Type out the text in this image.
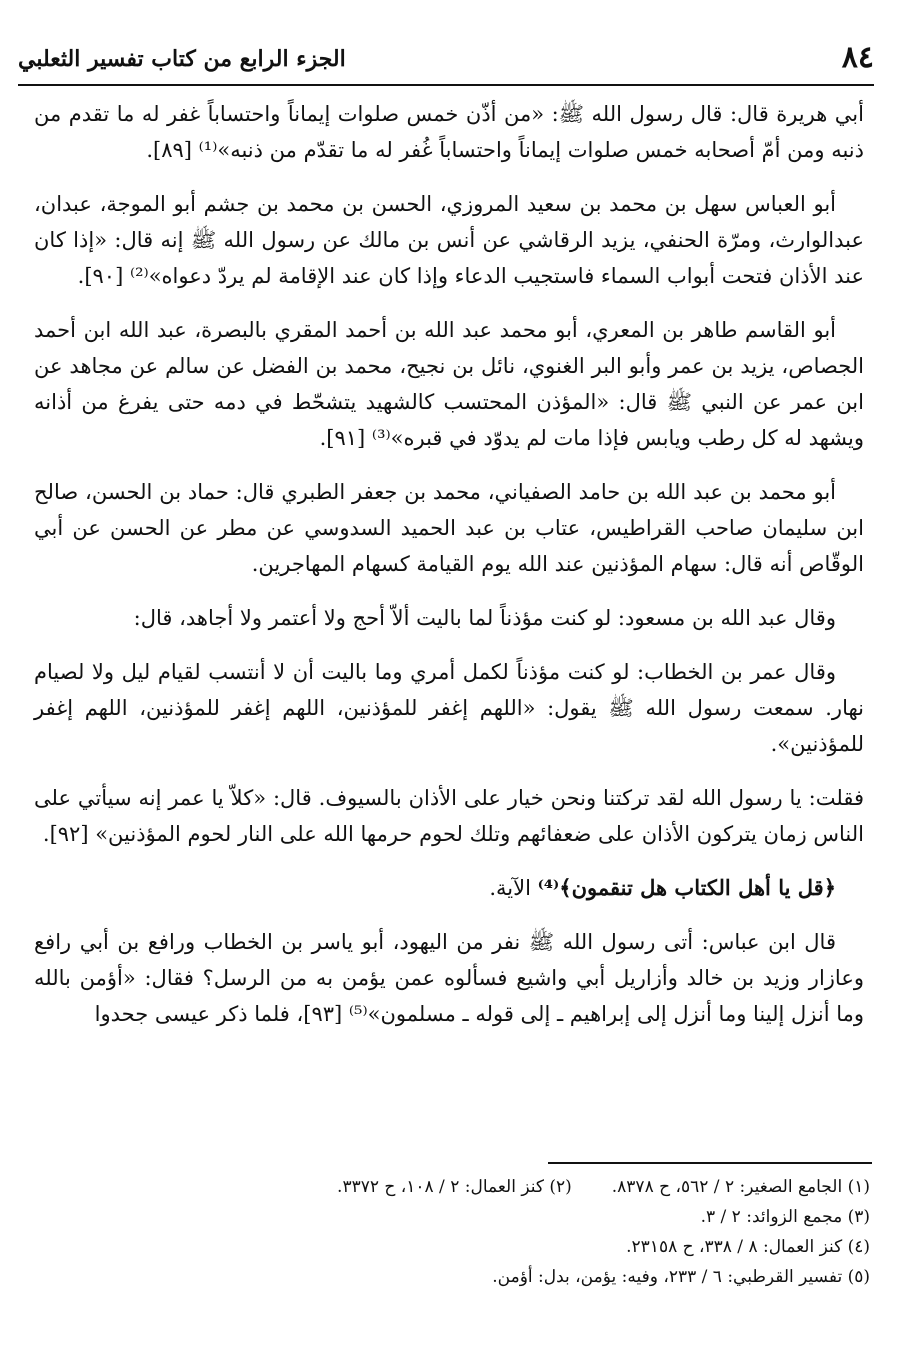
٨٤
الجزء الرابع من كتاب تفسير الثعلبي

أبي هريرة قال: قال رسول الله ﷺ: «من أذّن خمس صلوات إيماناً واحتساباً غفر له ما تقدم من ذنبه ومن أمّ أصحابه خمس صلوات إيماناً واحتساباً غُفر له ما تقدّم من ذنبه»⁽¹⁾ [٨٩].

أبو العباس سهل بن محمد بن سعيد المروزي، الحسن بن محمد بن جشم أبو الموجة، عبدان، عبدالوارث، ومرّة الحنفي، يزيد الرقاشي عن أنس بن مالك عن رسول الله ﷺ إنه قال: «إذا كان عند الأذان فتحت أبواب السماء فاستجيب الدعاء وإذا كان عند الإقامة لم يردّ دعواه»⁽²⁾ [٩٠].

أبو القاسم طاهر بن المعري، أبو محمد عبد الله بن أحمد المقري بالبصرة، عبد الله ابن أحمد الجصاص، يزيد بن عمر وأبو البر الغنوي، نائل بن نجيح، محمد بن الفضل عن سالم عن مجاهد عن ابن عمر عن النبي ﷺ قال: «المؤذن المحتسب كالشهيد يتشحّط في دمه حتى يفرغ من أذانه ويشهد له كل رطب ويابس فإذا مات لم يدوّد في قبره»⁽³⁾ [٩١].

أبو محمد بن عبد الله بن حامد الصفياني، محمد بن جعفر الطبري قال: حماد بن الحسن، صالح ابن سليمان صاحب القراطيس، عتاب بن عبد الحميد السدوسي عن مطر عن الحسن عن أبي الوقّاص أنه قال: سهام المؤذنين عند الله يوم القيامة كسهام المهاجرين.

وقال عبد الله بن مسعود: لو كنت مؤذناً لما باليت ألاّ أحج ولا أعتمر ولا أجاهد، قال:

وقال عمر بن الخطاب: لو كنت مؤذناً لكمل أمري وما باليت أن لا أنتسب لقيام ليل ولا لصيام نهار. سمعت رسول الله ﷺ يقول: «اللهم إغفر للمؤذنين، اللهم إغفر للمؤذنين، اللهم إغفر للمؤذنين».

فقلت: يا رسول الله لقد تركتنا ونحن خيار على الأذان بالسيوف. قال: «كلاّ يا عمر إنه سيأتي على الناس زمان يتركون الأذان على ضعفائهم وتلك لحوم حرمها الله على النار لحوم المؤذنين» [٩٢].

﴿قل يا أهل الكتاب هل تنقمون﴾⁽⁴⁾ الآية.

قال ابن عباس: أتى رسول الله ﷺ نفر من اليهود، أبو ياسر بن الخطاب ورافع بن أبي رافع وعازار وزيد بن خالد وأزاريل أبي واشيع فسألوه عمن يؤمن به من الرسل؟ فقال: «أؤمن بالله وما أنزل إلينا وما أنزل إلى إبراهيم ـ إلى قوله ـ مسلمون»⁽⁵⁾ [٩٣]، فلما ذكر عيسى جحدوا

(١) الجامع الصغير: ٢ / ٥٦٢، ح ٨٣٧٨.(٢) كنز العمال: ٢ / ١٠٨، ح ٣٣٧٢.
(٣) مجمع الزوائد: ٢ / ٣.
(٤) كنز العمال: ٨ / ٣٣٨، ح ٢٣١٥٨.
(٥) تفسير القرطبي: ٦ / ٢٣٣، وفيه: يؤمن، بدل: أؤمن.
